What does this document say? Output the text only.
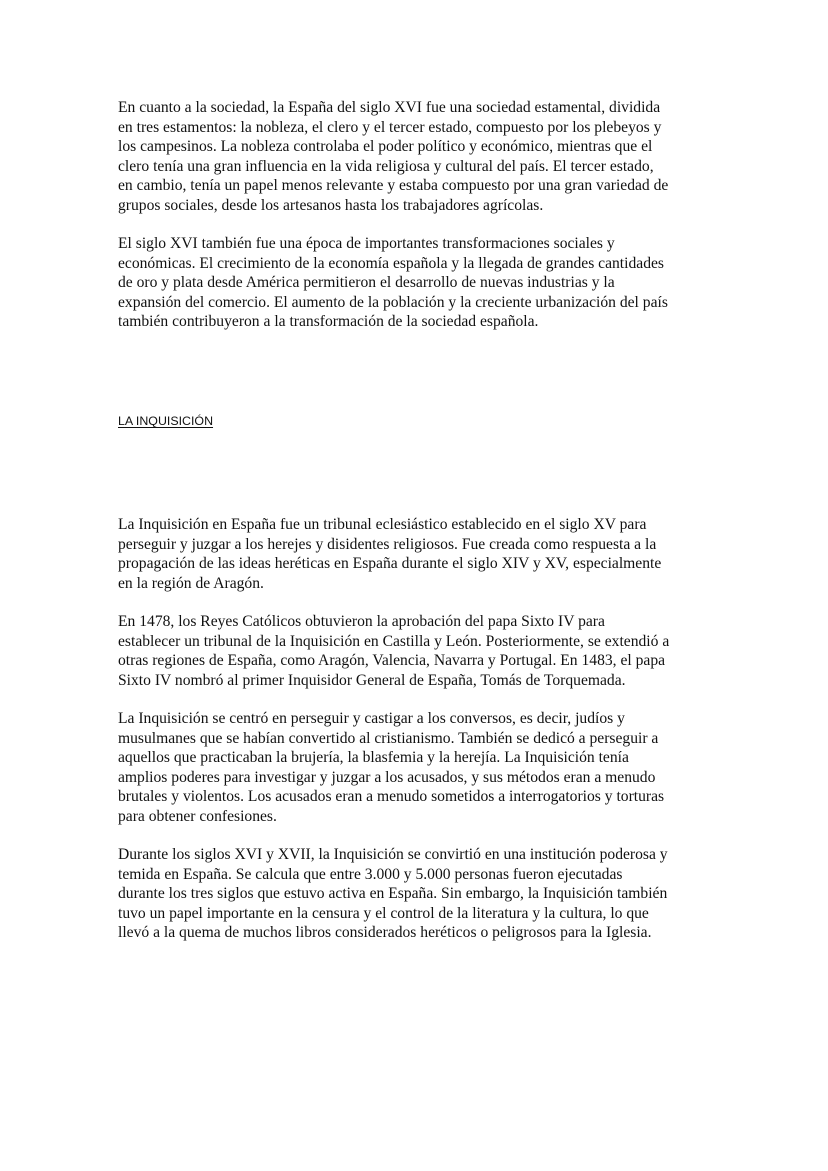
En cuanto a la sociedad, la España del siglo XVI fue una sociedad estamental, dividida
en tres estamentos: la nobleza, el clero y el tercer estado, compuesto por los plebeyos y
los campesinos. La nobleza controlaba el poder político y económico, mientras que el
clero tenía una gran influencia en la vida religiosa y cultural del país. El tercer estado,
en cambio, tenía un papel menos relevante y estaba compuesto por una gran variedad de
grupos sociales, desde los artesanos hasta los trabajadores agrícolas.

El siglo XVI también fue una época de importantes transformaciones sociales y
económicas. El crecimiento de la economía española y la llegada de grandes cantidades
de oro y plata desde América permitieron el desarrollo de nuevas industrias y la
expansión del comercio. El aumento de la población y la creciente urbanización del país
también contribuyeron a la transformación de la sociedad española.

LA INQUISICIÓN

La Inquisición en España fue un tribunal eclesiástico establecido en el siglo XV para
perseguir y juzgar a los herejes y disidentes religiosos. Fue creada como respuesta a la
propagación de las ideas heréticas en España durante el siglo XIV y XV, especialmente
en la región de Aragón.

En 1478, los Reyes Católicos obtuvieron la aprobación del papa Sixto IV para
establecer un tribunal de la Inquisición en Castilla y León. Posteriormente, se extendió a
otras regiones de España, como Aragón, Valencia, Navarra y Portugal. En 1483, el papa
Sixto IV nombró al primer Inquisidor General de España, Tomás de Torquemada.

La Inquisición se centró en perseguir y castigar a los conversos, es decir, judíos y
musulmanes que se habían convertido al cristianismo. También se dedicó a perseguir a
aquellos que practicaban la brujería, la blasfemia y la herejía. La Inquisición tenía
amplios poderes para investigar y juzgar a los acusados, y sus métodos eran a menudo
brutales y violentos. Los acusados eran a menudo sometidos a interrogatorios y torturas
para obtener confesiones.

Durante los siglos XVI y XVII, la Inquisición se convirtió en una institución poderosa y
temida en España. Se calcula que entre 3.000 y 5.000 personas fueron ejecutadas
durante los tres siglos que estuvo activa en España. Sin embargo, la Inquisición también
tuvo un papel importante en la censura y el control de la literatura y la cultura, lo que
llevó a la quema de muchos libros considerados heréticos o peligrosos para la Iglesia.
